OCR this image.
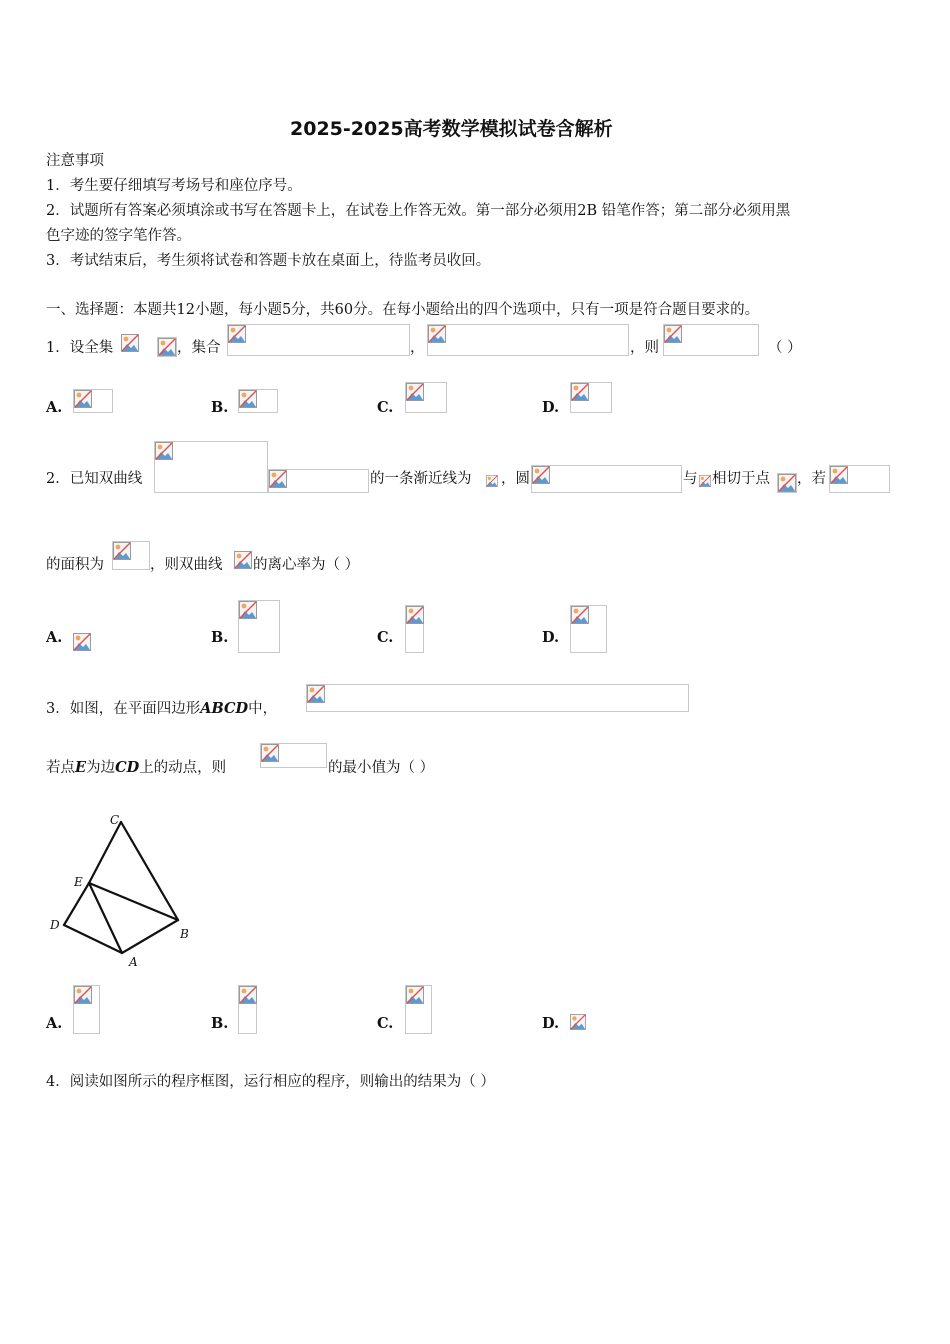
2025-2025高考数学模拟试卷含解析
注意事项
1．考生要仔细填写考场号和座位序号。
2．试题所有答案必须填涂或书写在答题卡上，在试卷上作答无效。第一部分必须用2B 铅笔作答；第二部分必须用黑
色字迹的签字笔作答。
3．考试结束后，考生须将试卷和答题卡放在桌面上，待监考员收回。
一、选择题：本题共12小题，每小题5分，共60分。在每小题给出的四个选项中，只有一项是符合题目要求的。
1．设全集	，集合	，	，则	（ ）
A.	B.	C.	D.
2．已知双曲线	的一条渐近线为 ，圆	与 相切于点 ，若
的面积为	，则双曲线 的离心率为（ ）
A.	B.	C.	D.
3．如图，在平面四边形ABCD中，
若点E为边CD上的动点，则	的最小值为（ ）
C
E
D
A
B
A.	B.	C.	D.
4．阅读如图所示的程序框图，运行相应的程序，则输出的结果为（ ）
